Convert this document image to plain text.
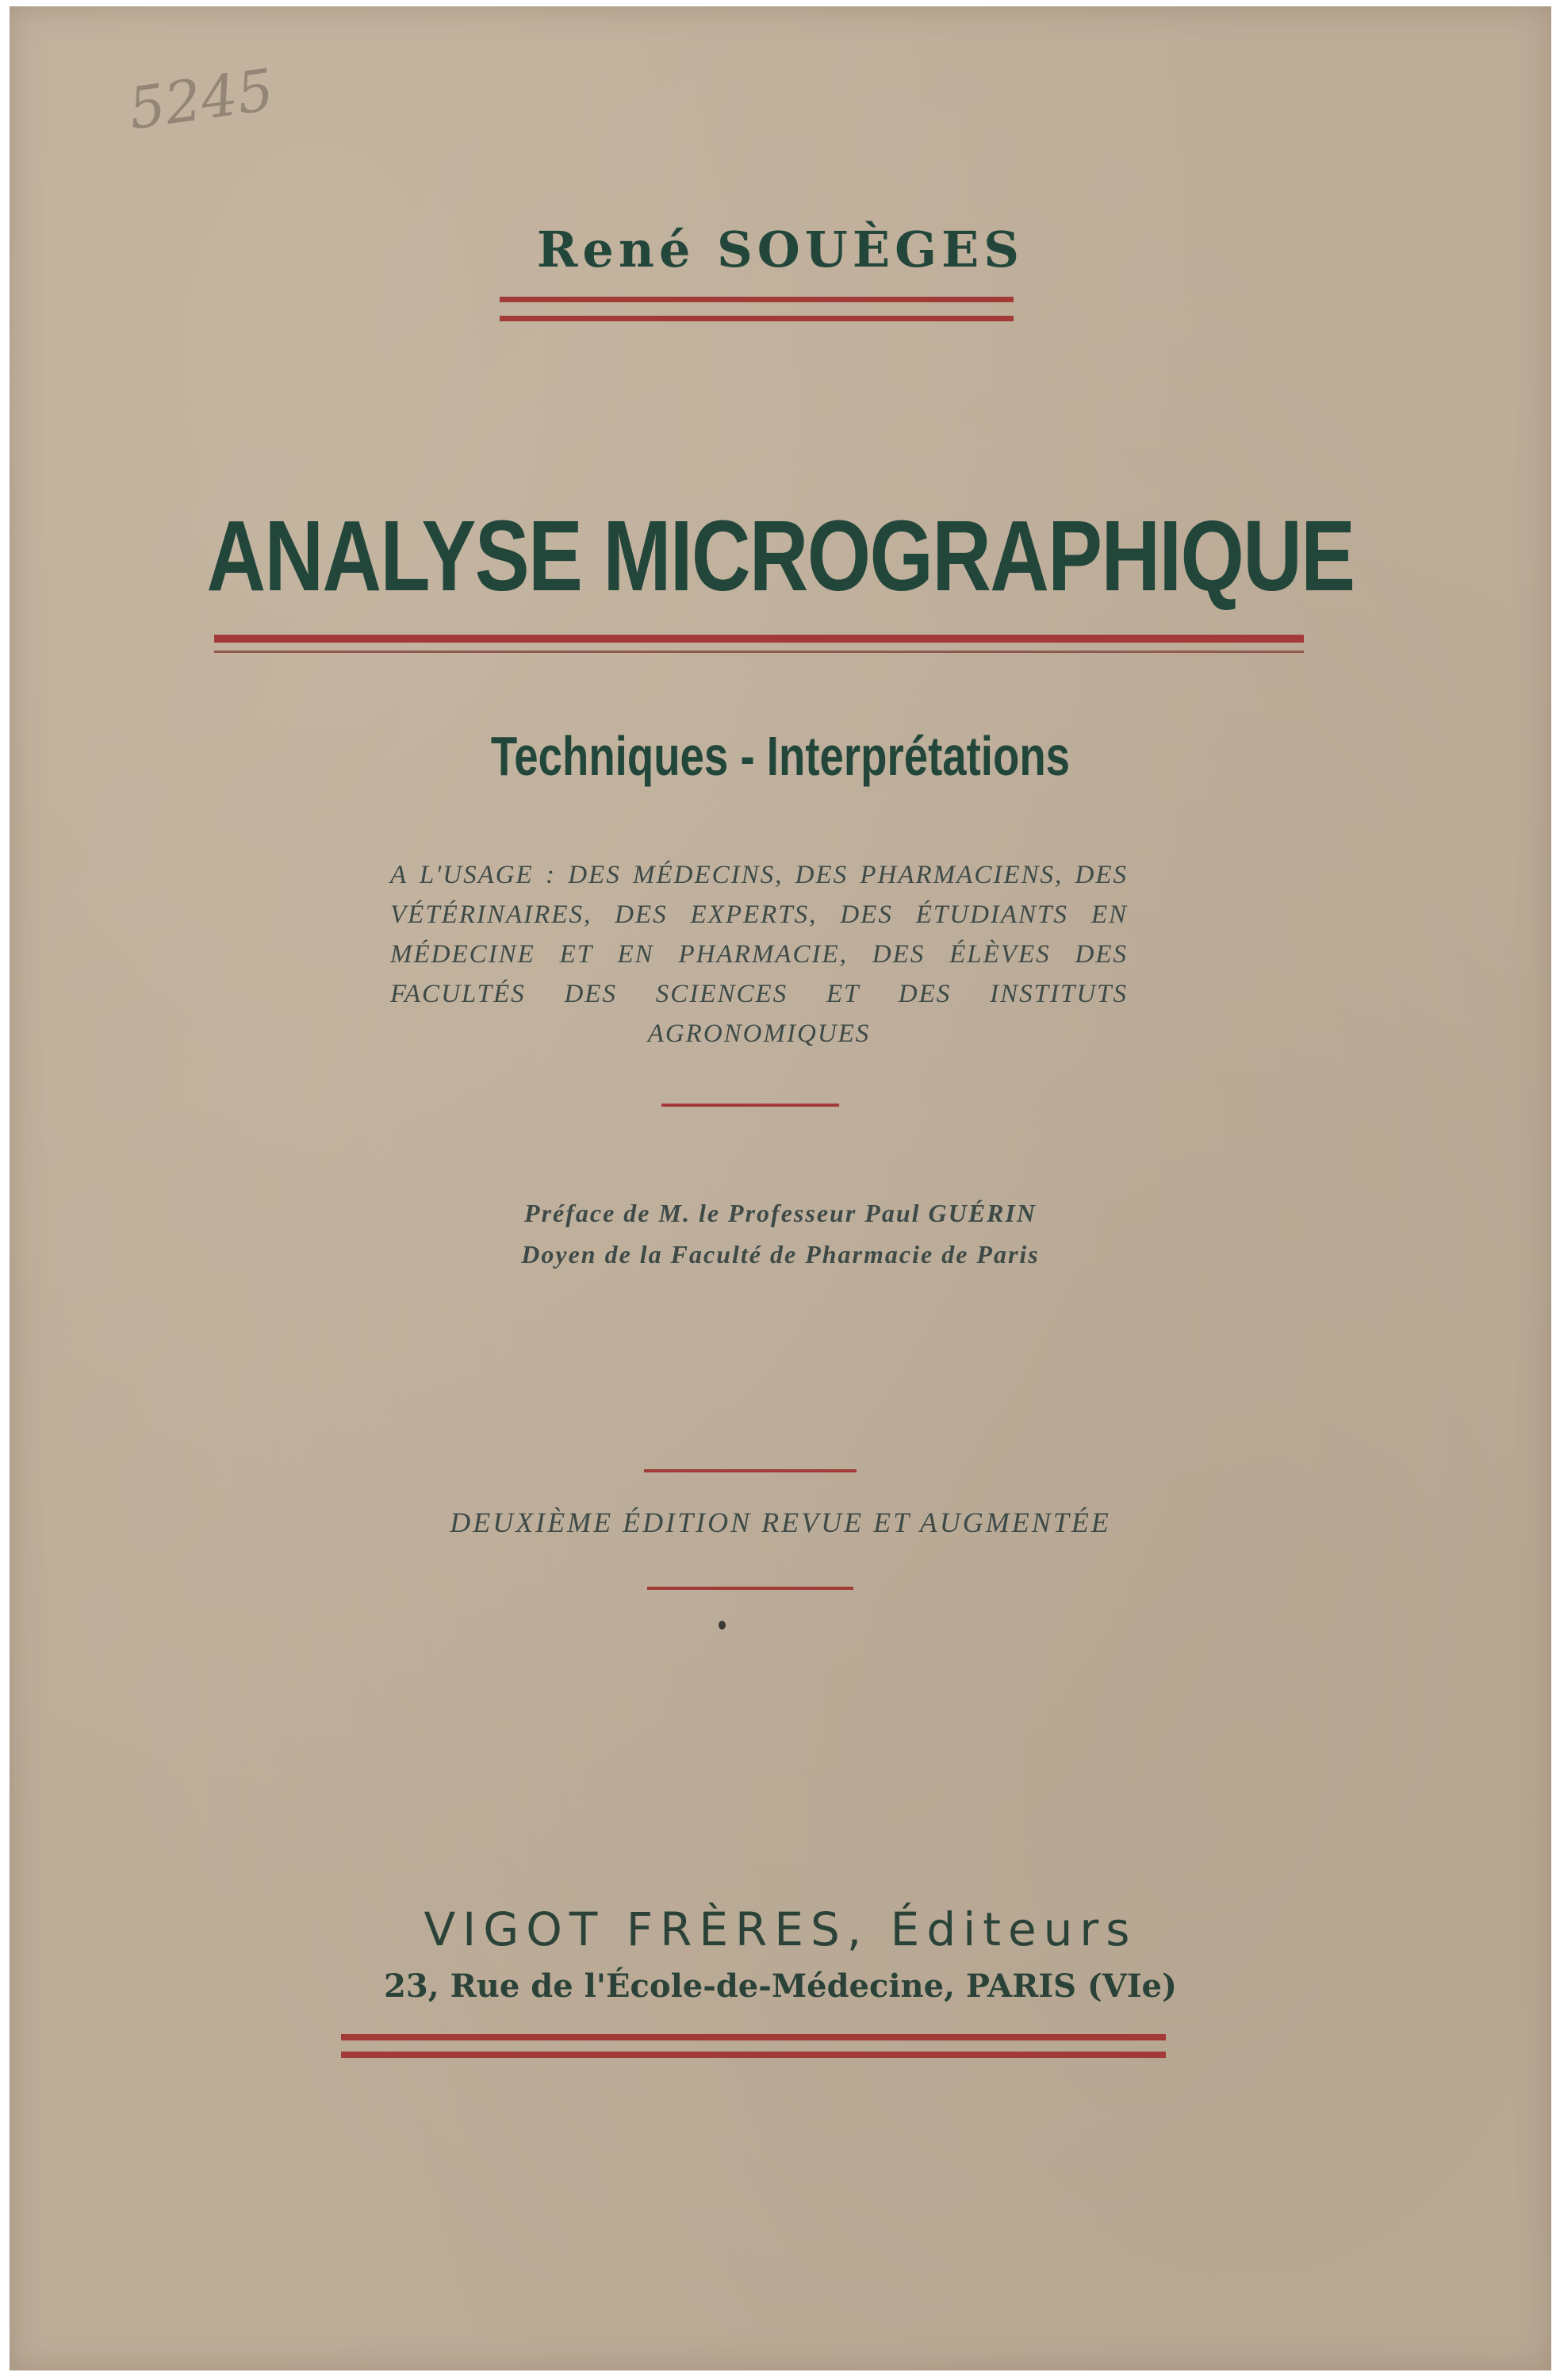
5245
René SOUÈGES
ANALYSE MICROGRAPHIQUE
Techniques - Interprétations
A L'USAGE : DES MÉDECINS, DES PHARMACIENS, DES VÉTÉRINAIRES, DES EXPERTS, DES ÉTUDIANTS EN MÉDECINE ET EN PHARMACIE, DES ÉLÈVES DES FACULTÉS DES SCIENCES ET DES INSTITUTS AGRONOMIQUES
Préface de M. le Professeur Paul GUÉRIN
Doyen de la Faculté de Pharmacie de Paris
DEUXIÈME ÉDITION REVUE ET AUGMENTÉE
VIGOT FRÈRES, Éditeurs
23, Rue de l'École-de-Médecine, PARIS (VIe)
